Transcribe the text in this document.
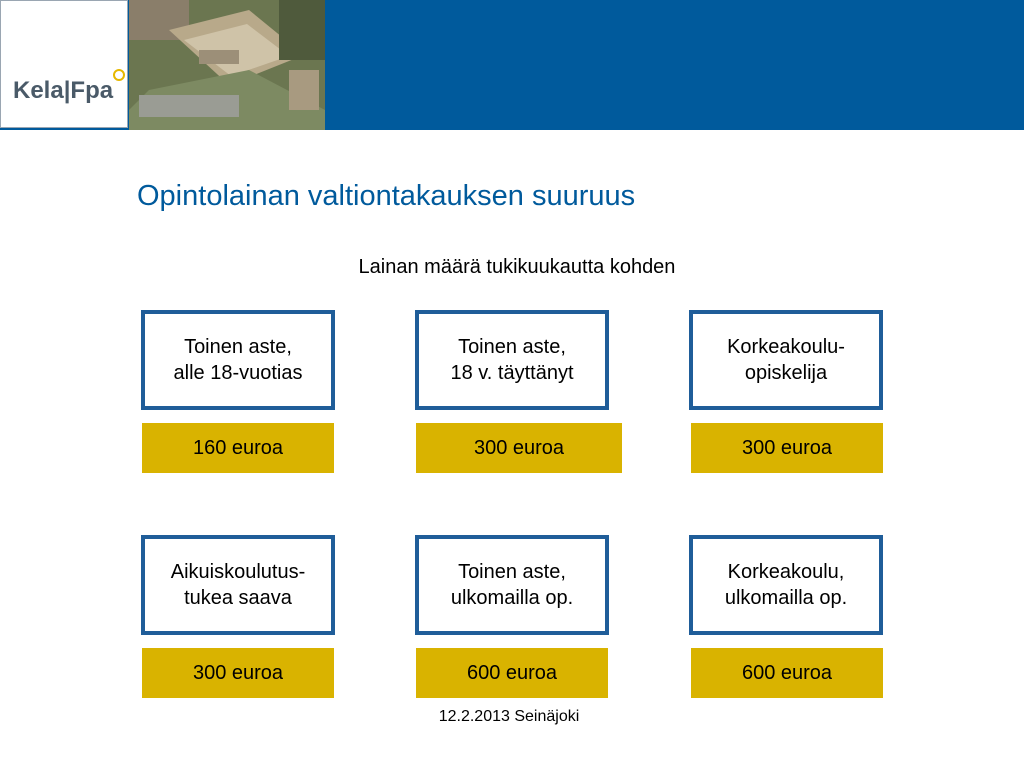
Kela|Fpa
Opintolainan valtiontakauksen suuruus
Lainan määrä tukikuukautta kohden
Toinen aste,
alle 18-vuotias
160 euroa
Toinen aste,
18 v. täyttänyt
300 euroa
Korkeakoulu-
opiskelija
300 euroa
Aikuiskoulutus-
tukea saava
300 euroa
Toinen aste,
ulkomailla op.
600 euroa
Korkeakoulu,
ulkomailla op.
600 euroa
12.2.2013 Seinäjoki
